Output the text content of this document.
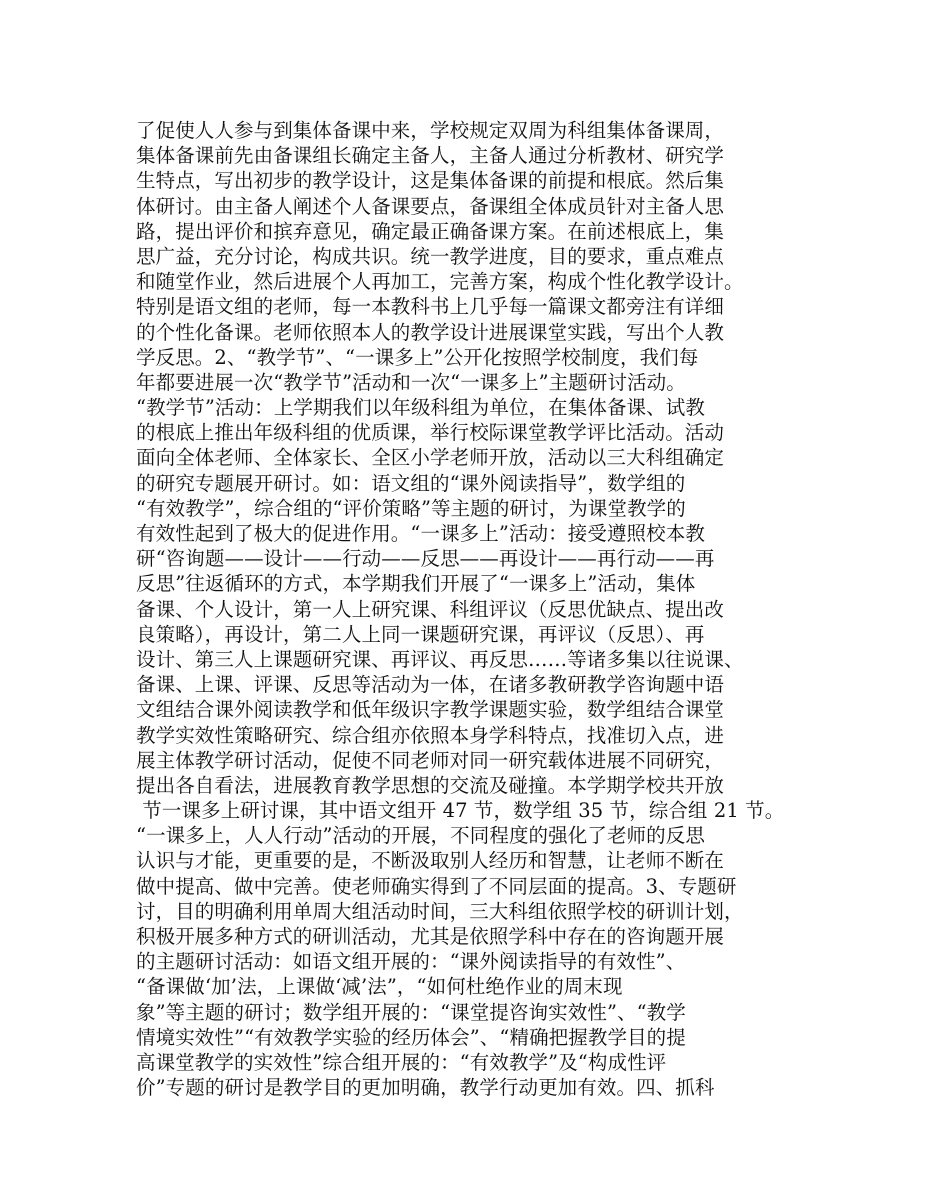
了促使人人参与到集体备课中来，学校规定双周为科组集体备课周，
集体备课前先由备课组长确定主备人，主备人通过分析教材、研究学
生特点，写出初步的教学设计，这是集体备课的前提和根底。然后集
体研讨。由主备人阐述个人备课要点，备课组全体成员针对主备人思
路，提出评价和摈弃意见，确定最正确备课方案。在前述根底上，集
思广益，充分讨论，构成共识。统一教学进度，目的要求，重点难点
和随堂作业，然后进展个人再加工，完善方案，构成个性化教学设计。
特别是语文组的老师，每一本教科书上几乎每一篇课文都旁注有详细
的个性化备课。老师依照本人的教学设计进展课堂实践，写出个人教
学反思。2、“教学节”、“一课多上”公开化按照学校制度，我们每
年都要进展一次“教学节”活动和一次“一课多上”主题研讨活动。
“教学节”活动：上学期我们以年级科组为单位，在集体备课、试教
的根底上推出年级科组的优质课，举行校际课堂教学评比活动。活动
面向全体老师、全体家长、全区小学老师开放，活动以三大科组确定
的研究专题展开研讨。如：语文组的“课外阅读指导”，数学组的
“有效教学”，综合组的“评价策略”等主题的研讨，为课堂教学的
有效性起到了极大的促进作用。“一课多上”活动：接受遵照校本教
研“咨询题——设计——行动——反思——再设计——再行动——再
反思”往返循环的方式，本学期我们开展了“一课多上”活动，集体
备课、个人设计，第一人上研究课、科组评议（反思优缺点、提出改
良策略），再设计，第二人上同一课题研究课，再评议（反思）、再
设计、第三人上课题研究课、再评议、再反思……等诸多集以往说课、
备课、上课、评课、反思等活动为一体，在诸多教研教学咨询题中语
文组结合课外阅读教学和低年级识字教学课题实验，数学组结合课堂
教学实效性策略研究、综合组亦依照本身学科特点，找准切入点，进
展主体教学研讨活动，促使不同老师对同一研究载体进展不同研究，
提出各自看法，进展教育教学思想的交流及碰撞。本学期学校共开放
节一课多上研讨课，其中语文组开 47 节，数学组 35 节，综合组 21 节。
“一课多上，人人行动”活动的开展，不同程度的强化了老师的反思
认识与才能，更重要的是，不断汲取别人经历和智慧，让老师不断在
做中提高、做中完善。使老师确实得到了不同层面的提高。3、专题研
讨，目的明确利用单周大组活动时间，三大科组依照学校的研训计划，
积极开展多种方式的研训活动，尤其是依照学科中存在的咨询题开展
的主题研讨活动：如语文组开展的：“课外阅读指导的有效性”、
“备课做‘加’法，上课做‘减’法”，“如何杜绝作业的周末现
象”等主题的研讨；数学组开展的：“课堂提咨询实效性”、“教学
情境实效性”“有效教学实验的经历体会”、“精确把握教学目的提
高课堂教学的实效性”综合组开展的：“有效教学”及“构成性评
价”专题的研讨是教学目的更加明确，教学行动更加有效。四、抓科
